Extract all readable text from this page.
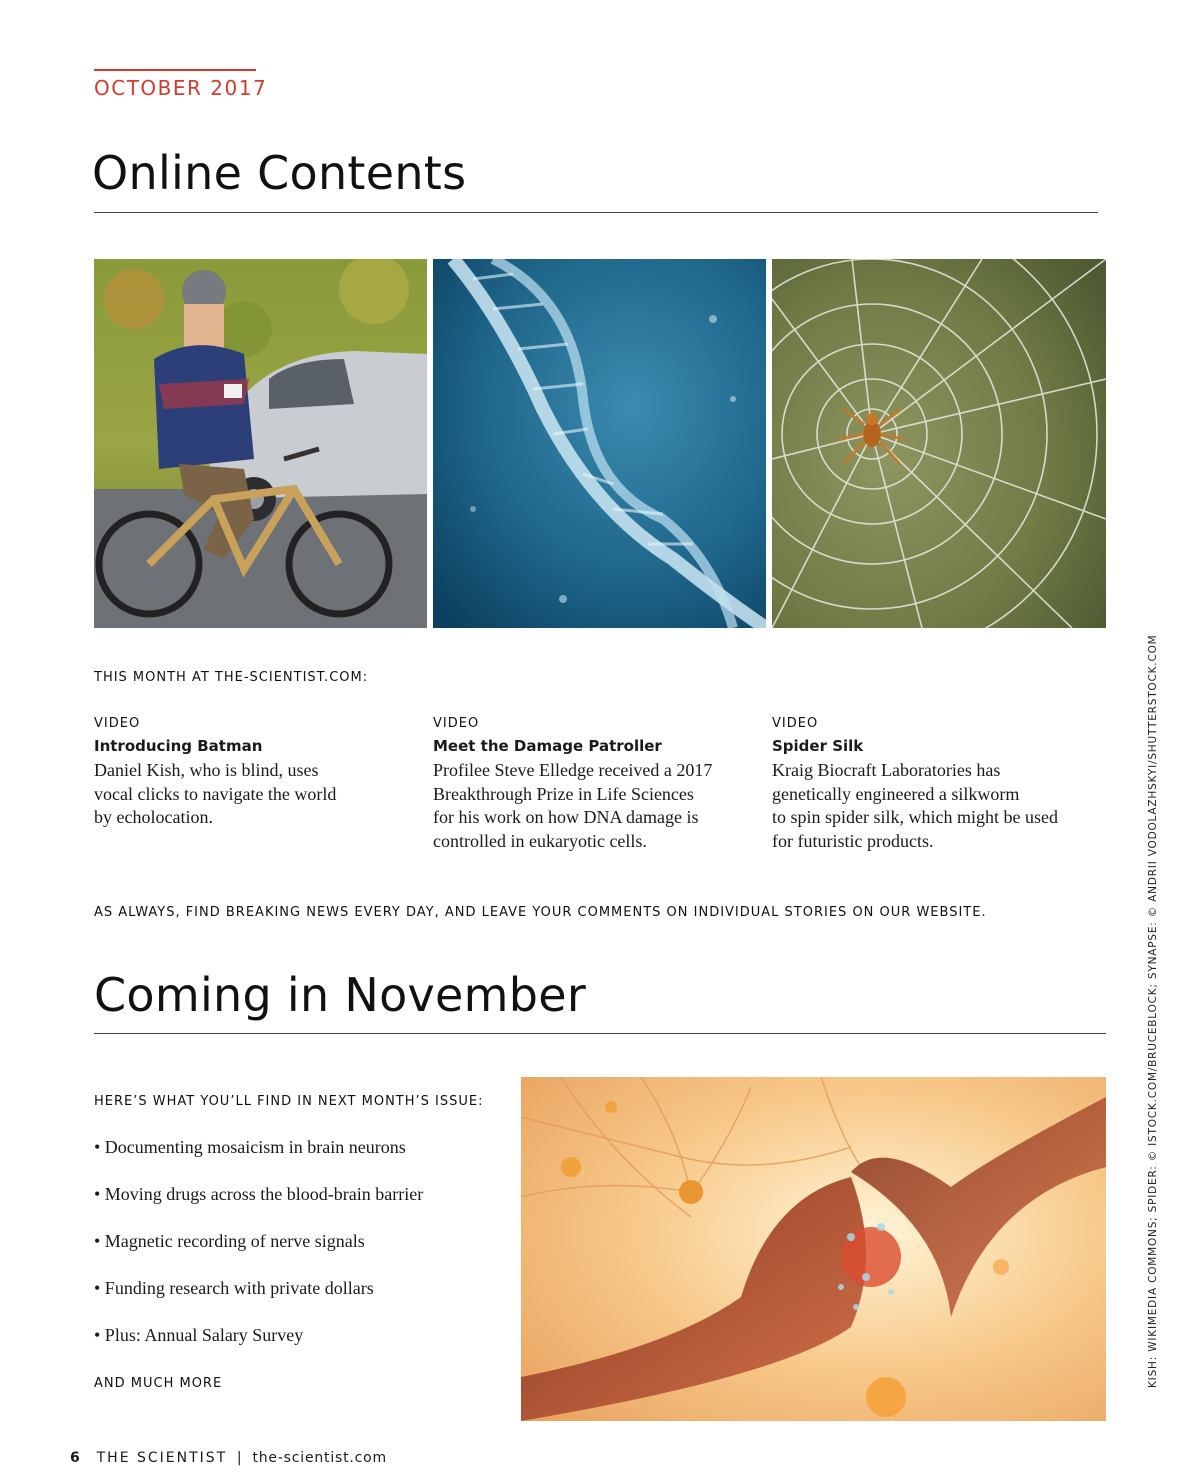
OCTOBER 2017
Online Contents
THIS MONTH AT THE-SCIENTIST.COM:
VIDEO
Introducing Batman
Daniel Kish, who is blind, uses
vocal clicks to navigate the world
by echolocation.
VIDEO
Meet the Damage Patroller
Profilee Steve Elledge received a 2017
Breakthrough Prize in Life Sciences
for his work on how DNA damage is
controlled in eukaryotic cells.
VIDEO
Spider Silk
Kraig Biocraft Laboratories has
genetically engineered a silkworm
to spin spider silk, which might be used
for futuristic products.
AS ALWAYS, FIND BREAKING NEWS EVERY DAY, AND LEAVE YOUR COMMENTS ON INDIVIDUAL STORIES ON OUR WEBSITE.
Coming in November
HERE’S WHAT YOU’LL FIND IN NEXT MONTH’S ISSUE:
• Documenting mosaicism in brain neurons
• Moving drugs across the blood-brain barrier
• Magnetic recording of nerve signals
• Funding research with private dollars
• Plus: Annual Salary Survey
AND MUCH MORE
6 THE SCIENTIST | the-scientist.com
KISH: WIKIMEDIA COMMONS; SPIDER: © ISTOCK.COM/BRUCEBLOCK; SYNAPSE: © ANDRII VODOLAZHSKYI/SHUTTERSTOCK.COM
